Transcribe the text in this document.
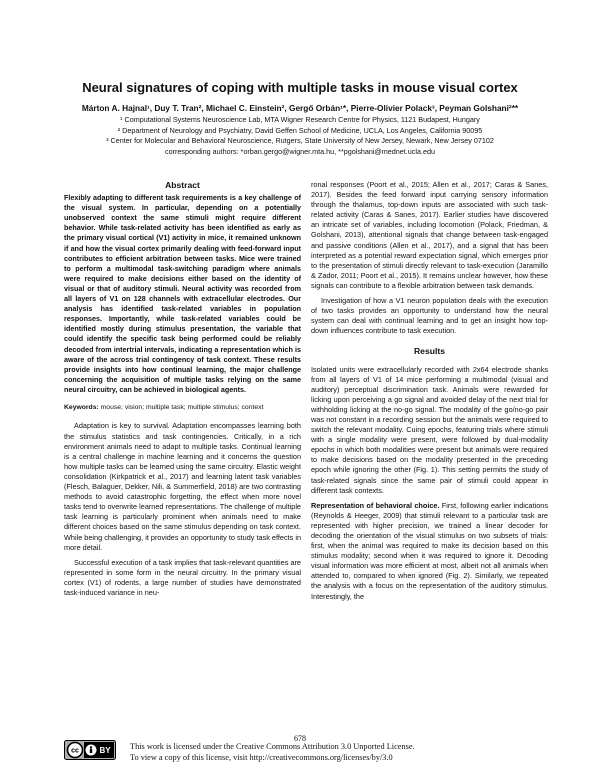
Neural signatures of coping with multiple tasks in mouse visual cortex
Márton A. Hajnal¹, Duy T. Tran², Michael C. Einstein², Gergő Orbán¹*, Pierre-Olivier Polack³, Peyman Golshani²**
¹ Computational Systems Neuroscience Lab, MTA Wigner Research Centre for Physics, 1121 Budapest, Hungary
² Department of Neurology and Psychiatry, David Geffen School of Medicine, UCLA, Los Angeles, California 90095
³ Center for Molecular and Behavioral Neuroscience, Rutgers, State University of New Jersey, Newark, New Jersey 07102
corresponding authors: *orban.gergo@wigner.mta.hu, **pgolshani@mednet.ucla.edu
Abstract
Flexibly adapting to different task requirements is a key challenge of the visual system. In particular, depending on a potentially unobserved context the same stimuli might require different behavior. While task-related activity has been identified as early as the primary visual cortical (V1) activity in mice, it remained unknown if and how the visual cortex primarily dealing with feed-forward input contributes to efficient arbitration between tasks. Mice were trained to perform a multimodal task-switching paradigm where animals were required to make decisions either based on the identity of visual or that of auditory stimuli. Neural activity was recorded from all layers of V1 on 128 channels with extracellular electrodes. Our analysis has identified task-related variables in population responses. Importantly, while task-related variables could be identified mostly during stimulus presentation, the variable that could identify the specific task being performed could be reliably decoded from intertrial intervals, indicating a representation which is aware of the across trial contingency of task context. These results provide insights into how continual learning, the major challenge concerning the acquisition of multiple tasks relying on the same neural circuitry, can be achieved in biological agents.
Keywords: mouse; vision; multiple task; multiple stimulus; context

Adaptation is key to survival. Adaptation encompasses learning both the stimulus statistics and task contingencies. Critically, in a rich environment animals need to adapt to multiple tasks. Continual learning is a central challenge in machine learning and it concerns the question how multiple tasks can be learned using the same circuitry. Elastic weight consolidation (Kirkpatrick et al., 2017) and learning latent task variables (Flesch, Balaguer, Dekker, Nili, & Summerfield, 2018) are two contrasting methods to avoid catastrophic forgetting, the effect when more novel tasks tend to overwrite learned representations. The challenge of multiple task learning is particularly prominent when animals need to make different choices based on the same stimulus depending on task context. While being challenging, it provides an opportunity to study task effects in more detail.

Successful execution of a task implies that task-relevant quantities are represented in some form in the neural circuitry. In the primary visual cortex (V1) of rodents, a large number of studies have demonstrated task-induced variance in neu-

ronal responses (Poort et al., 2015; Allen et al., 2017; Caras & Sanes, 2017). Besides the feed forward input carrying sensory information through the thalamus, top-down inputs are associated with such task-related activity (Caras & Sanes, 2017). Earlier studies have discovered an intricate set of variables, including locomotion (Polack, Friedman, & Golshani, 2013), attentional signals that change between task-engaged and passive conditions (Allen et al., 2017), and a signal that has been interpreted as a potential reward expectation signal, which emerges prior to the presentation of stimuli directly relevant to task-execution (Jaramillo & Zador, 2011; Poort et al., 2015). It remains unclear however, how these signals can contribute to a flexible arbitration between task demands.

Investigation of how a V1 neuron population deals with the execution of two tasks provides an opportunity to understand how the neural system can deal with continual learning and to get an insight how top-down influences contribute to task execution.

Results

Isolated units were extracellularly recorded with 2x64 electrode shanks from all layers of V1 of 14 mice performing a multimodal (visual and auditory) perceptual discrimination task. Animals were rewarded for licking upon perceiving a go signal and avoided delay of the next trial for withholding licking at the no-go signal. The modality of the go/no-go pair was not constant in a recording session but the animals were required to switch the relevant modality. Cuing epochs, featuring trials where stimuli with a single modality were present, were followed by dual-modality epochs in which both modalities were present but animals were required to make decisions based on the modality presented in the preceding epoch while ignoring the other (Fig. 1). This setting permits the study of task-related signals since the same pair of stimuli could appear in different task contexts.

Representation of behavioral choice. First, following earlier indications (Reynolds & Heeger, 2009) that stimuli relevant to a particular task are represented with higher precision, we trained a linear decoder for decoding the orientation of the visual stimulus on two subsets of trials: first, when the animal was required to make its decision based on this stimulus modality; second when it was required to ignore it. Decoding visual information was more efficient at most, albeit not all animals when attended to, compared to when ignored (Fig. 2). Similarly, we repeated the analysis with a focus on the representation of the auditory stimulus. Interestingly, the

678
cc	BY This work is licensed under the Creative Commons Attribution 3.0 Unported License.
To view a copy of this license, visit http://creativecommons.org/licenses/by/3.0
